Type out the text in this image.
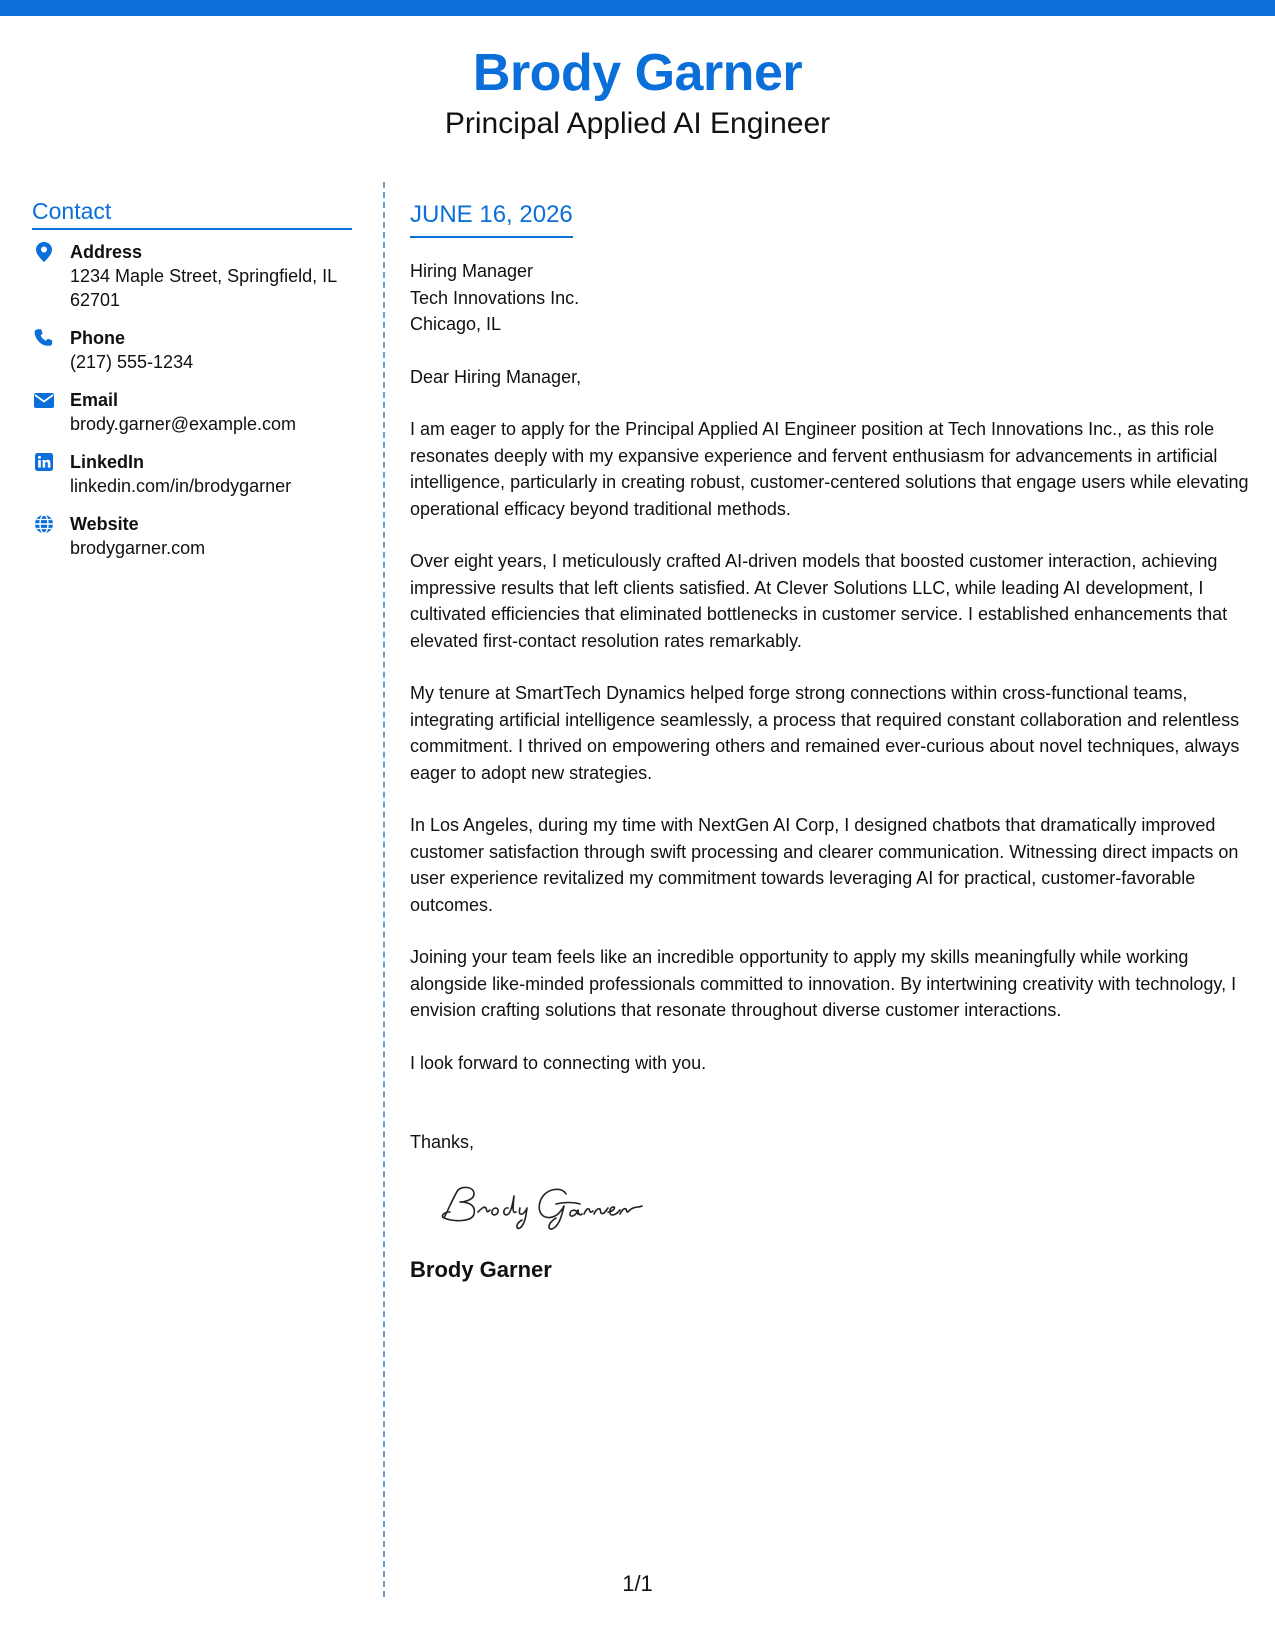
Brody Garner
Principal Applied AI Engineer
Contact
Address
1234 Maple Street, Springfield, IL 62701
Phone
(217) 555-1234
Email
brody.garner@example.com
LinkedIn
linkedin.com/in/brodygarner
Website
brodygarner.com
JUNE 16, 2026
Hiring Manager
Tech Innovations Inc.
Chicago, IL
Dear Hiring Manager,
I am eager to apply for the Principal Applied AI Engineer position at Tech Innovations Inc., as this role resonates deeply with my expansive experience and fervent enthusiasm for advancements in artificial intelligence, particularly in creating robust, customer-centered solutions that engage users while elevating operational efficacy beyond traditional methods.
Over eight years, I meticulously crafted AI-driven models that boosted customer interaction, achieving impressive results that left clients satisfied. At Clever Solutions LLC, while leading AI development, I cultivated efficiencies that eliminated bottlenecks in customer service. I established enhancements that elevated first-contact resolution rates remarkably.
My tenure at SmartTech Dynamics helped forge strong connections within cross-functional teams, integrating artificial intelligence seamlessly, a process that required constant collaboration and relentless commitment. I thrived on empowering others and remained ever-curious about novel techniques, always eager to adopt new strategies.
In Los Angeles, during my time with NextGen AI Corp, I designed chatbots that dramatically improved customer satisfaction through swift processing and clearer communication. Witnessing direct impacts on user experience revitalized my commitment towards leveraging AI for practical, customer-favorable outcomes.
Joining your team feels like an incredible opportunity to apply my skills meaningfully while working alongside like-minded professionals committed to innovation. By intertwining creativity with technology, I envision crafting solutions that resonate throughout diverse customer interactions.
I look forward to connecting with you.
Thanks,
Brody Garner
1/1
